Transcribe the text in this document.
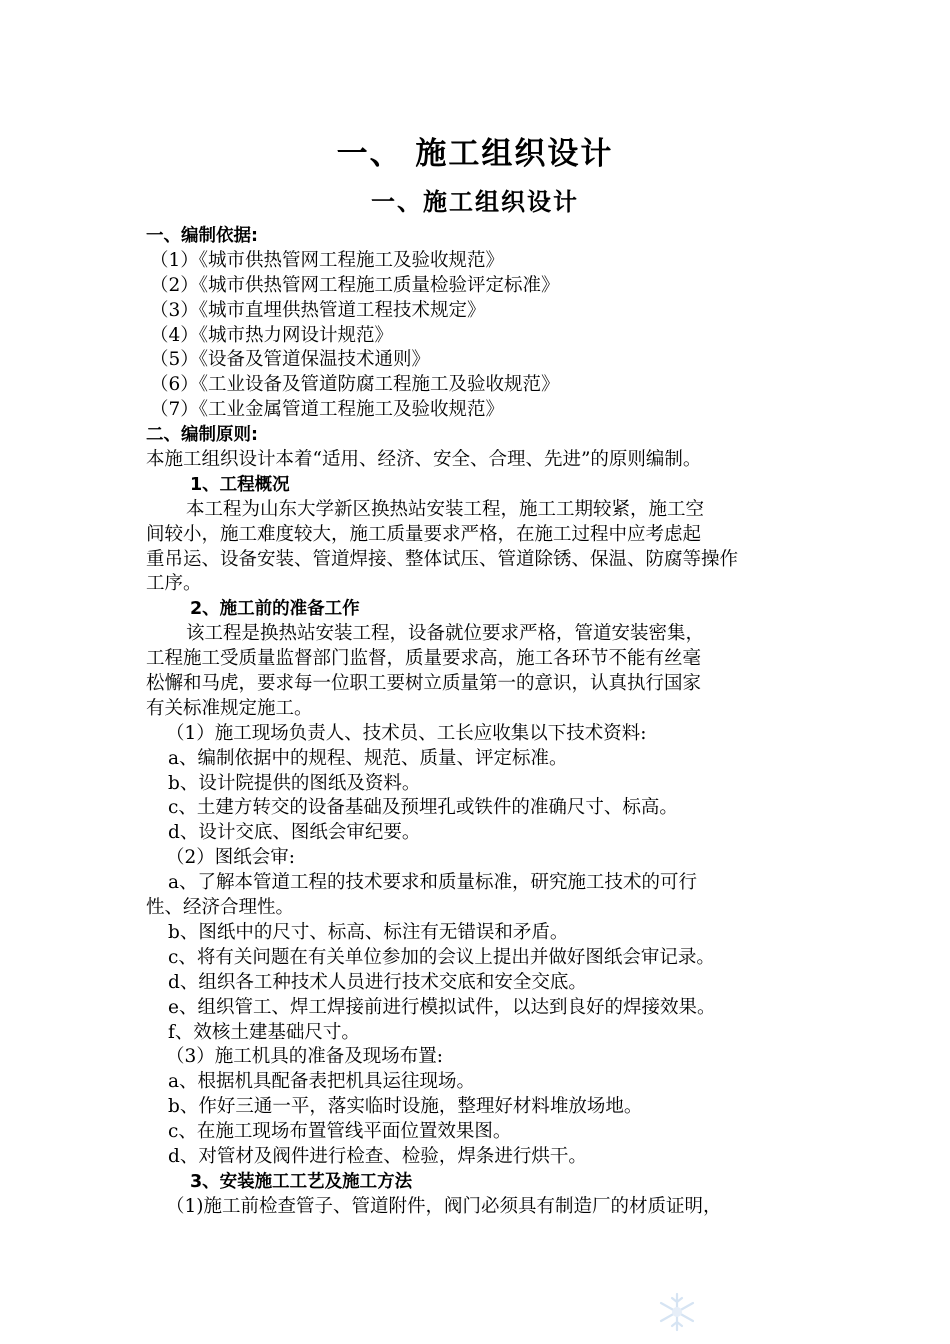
一、 施工组织设计
一、施工组织设计
一、编制依据:
（1）《城市供热管网工程施工及验收规范》
（2）《城市供热管网工程施工质量检验评定标准》
（3）《城市直埋供热管道工程技术规定》
（4）《城市热力网设计规范》
（5）《设备及管道保温技术通则》
（6）《工业设备及管道防腐工程施工及验收规范》
（7）《工业金属管道工程施工及验收规范》
二、编制原则:
本施工组织设计本着“适用、经济、安全、合理、先进”的原则编制。
1、工程概况
本工程为山东大学新区换热站安装工程，施工工期较紧，施工空
间较小，施工难度较大，施工质量要求严格，在施工过程中应考虑起
重吊运、设备安装、管道焊接、整体试压、管道除锈、保温、防腐等操作
工序。
2、施工前的准备工作
该工程是换热站安装工程，设备就位要求严格，管道安装密集，
工程施工受质量监督部门监督，质量要求高，施工各环节不能有丝毫
松懈和马虎，要求每一位职工要树立质量第一的意识，认真执行国家
有关标准规定施工。
（1）施工现场负责人、技术员、工长应收集以下技术资料:
a、编制依据中的规程、规范、质量、评定标准。
b、设计院提供的图纸及资料。
c、土建方转交的设备基础及预埋孔或铁件的准确尺寸、标高。
d、设计交底、图纸会审纪要。
（2）图纸会审:
a、了解本管道工程的技术要求和质量标准，研究施工技术的可行
性、经济合理性。
b、图纸中的尺寸、标高、标注有无错误和矛盾。
c、将有关问题在有关单位参加的会议上提出并做好图纸会审记录。
d、组织各工种技术人员进行技术交底和安全交底。
e、组织管工、焊工焊接前进行模拟试件，以达到良好的焊接效果。
f、效核土建基础尺寸。
（3）施工机具的准备及现场布置:
a、根据机具配备表把机具运往现场。
b、作好三通一平，落实临时设施，整理好材料堆放场地。
c、在施工现场布置管线平面位置效果图。
d、对管材及阀件进行检查、检验，焊条进行烘干。
3、安装施工工艺及施工方法
（1)施工前检查管子、管道附件，阀门必须具有制造厂的材质证明，
